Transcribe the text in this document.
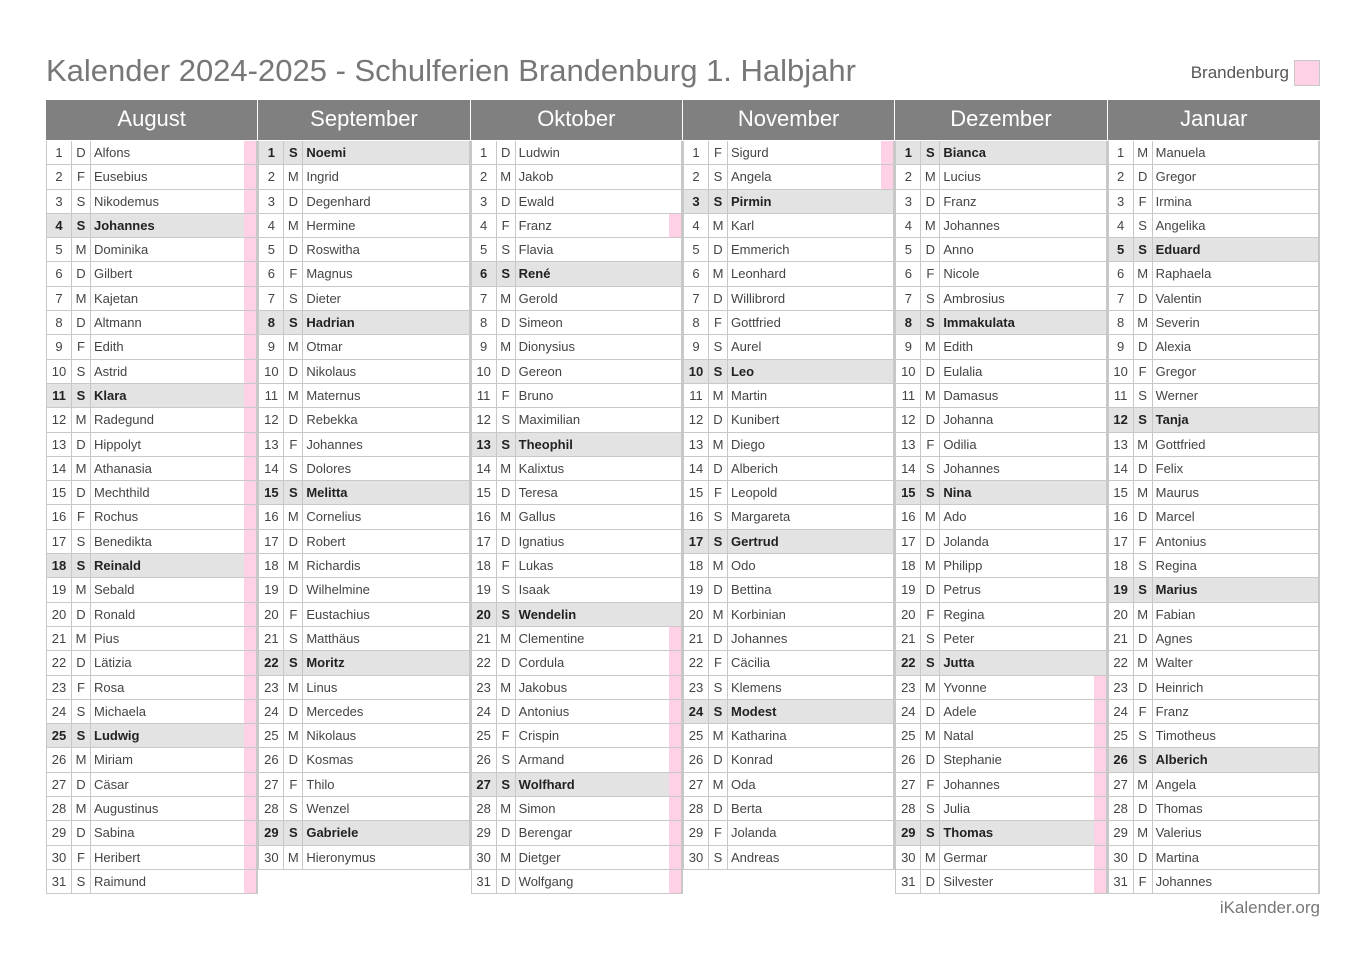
Kalender 2024-2025 - Schulferien Brandenburg 1. Halbjahr	Brandenburg
August
1	D Alfons
2	F Eusebius
3	S Nikodemus
4	S Johannes
5 M Dominika
6	D Gilbert
7 M Kajetan
8	D Altmann
9	F Edith
10 S Astrid
11 S Klara
12 M Radegund
13 D Hippolyt
14 M Athanasia
15 D Mechthild
16 F Rochus
17 S Benedikta
18 S Reinald
19 M Sebald
20 D Ronald
21 M Pius
22 D Lätizia
23 F Rosa
24 S Michaela
25 S Ludwig
26 M Miriam
27 D Cäsar
28 M Augustinus
29 D Sabina
30 F Heribert
31 S Raimund
September
1	S Noemi
2 M Ingrid
3	D Degenhard
4 M Hermine
5	D Roswitha
6	F Magnus
7	S Dieter
8	S Hadrian
9 M Otmar
10 D Nikolaus
11 M Maternus
12 D Rebekka
13 F Johannes
14 S Dolores
15 S Melitta
16 M Cornelius
17 D Robert
18 M Richardis
19 D Wilhelmine
20 F Eustachius
21 S Matthäus
22 S Moritz
23 M Linus
24 D Mercedes
25 M Nikolaus
26 D Kosmas
27 F Thilo
28 S Wenzel
29 S Gabriele
30 M Hieronymus
Oktober
1	D Ludwin
2 M Jakob
3	D Ewald
4	F Franz
5	S Flavia
6	S René
7 M Gerold
8	D Simeon
9 M Dionysius
10 D Gereon
11 F Bruno
12 S Maximilian
13 S Theophil
14 M Kalixtus
15 D Teresa
16 M Gallus
17 D Ignatius
18 F Lukas
19 S Isaak
20 S Wendelin
21 M Clementine
22 D Cordula
23 M Jakobus
24 D Antonius
25 F Crispin
26 S Armand
27 S Wolfhard
28 M Simon
29 D Berengar
30 M Dietger
31 D Wolfgang
November
1	F Sigurd
2	S Angela
3	S Pirmin
4 M Karl
5	D Emmerich
6 M Leonhard
7	D Willibrord
8	F Gottfried
9	S Aurel
10 S Leo
11 M Martin
12 D Kunibert
13 M Diego
14 D Alberich
15 F Leopold
16 S Margareta
17 S Gertrud
18 M Odo
19 D Bettina
20 M Korbinian
21 D Johannes
22 F Cäcilia
23 S Klemens
24 S Modest
25 M Katharina
26 D Konrad
27 M Oda
28 D Berta
29 F Jolanda
30 S Andreas
Dezember
1	S Bianca
2 M Lucius
3	D Franz
4 M Johannes
5	D Anno
6	F Nicole
7	S Ambrosius
8	S Immakulata
9 M Edith
10 D Eulalia
11 M Damasus
12 D Johanna
13 F Odilia
14 S Johannes
15 S Nina
16 M Ado
17 D Jolanda
18 M Philipp
19 D Petrus
20 F Regina
21 S Peter
22 S Jutta
23 M Yvonne
24 D Adele
25 M Natal
26 D Stephanie
27 F Johannes
28 S Julia
29 S Thomas
30 M Germar
31 D Silvester
Januar
1 M Manuela
2	D Gregor
3	F Irmina
4	S Angelika
5	S Eduard
6 M Raphaela
7	D Valentin
8 M Severin
9	D Alexia
10 F Gregor
11 S Werner
12 S Tanja
13 M Gottfried
14 D Felix
15 M Maurus
16 D Marcel
17 F Antonius
18 S Regina
19 S Marius
20 M Fabian
21 D Agnes
22 M Walter
23 D Heinrich
24 F Franz
25 S Timotheus
26 S Alberich
27 M Angela
28 D Thomas
29 M Valerius
30 D Martina
31 F Johannes
iKalender.org
